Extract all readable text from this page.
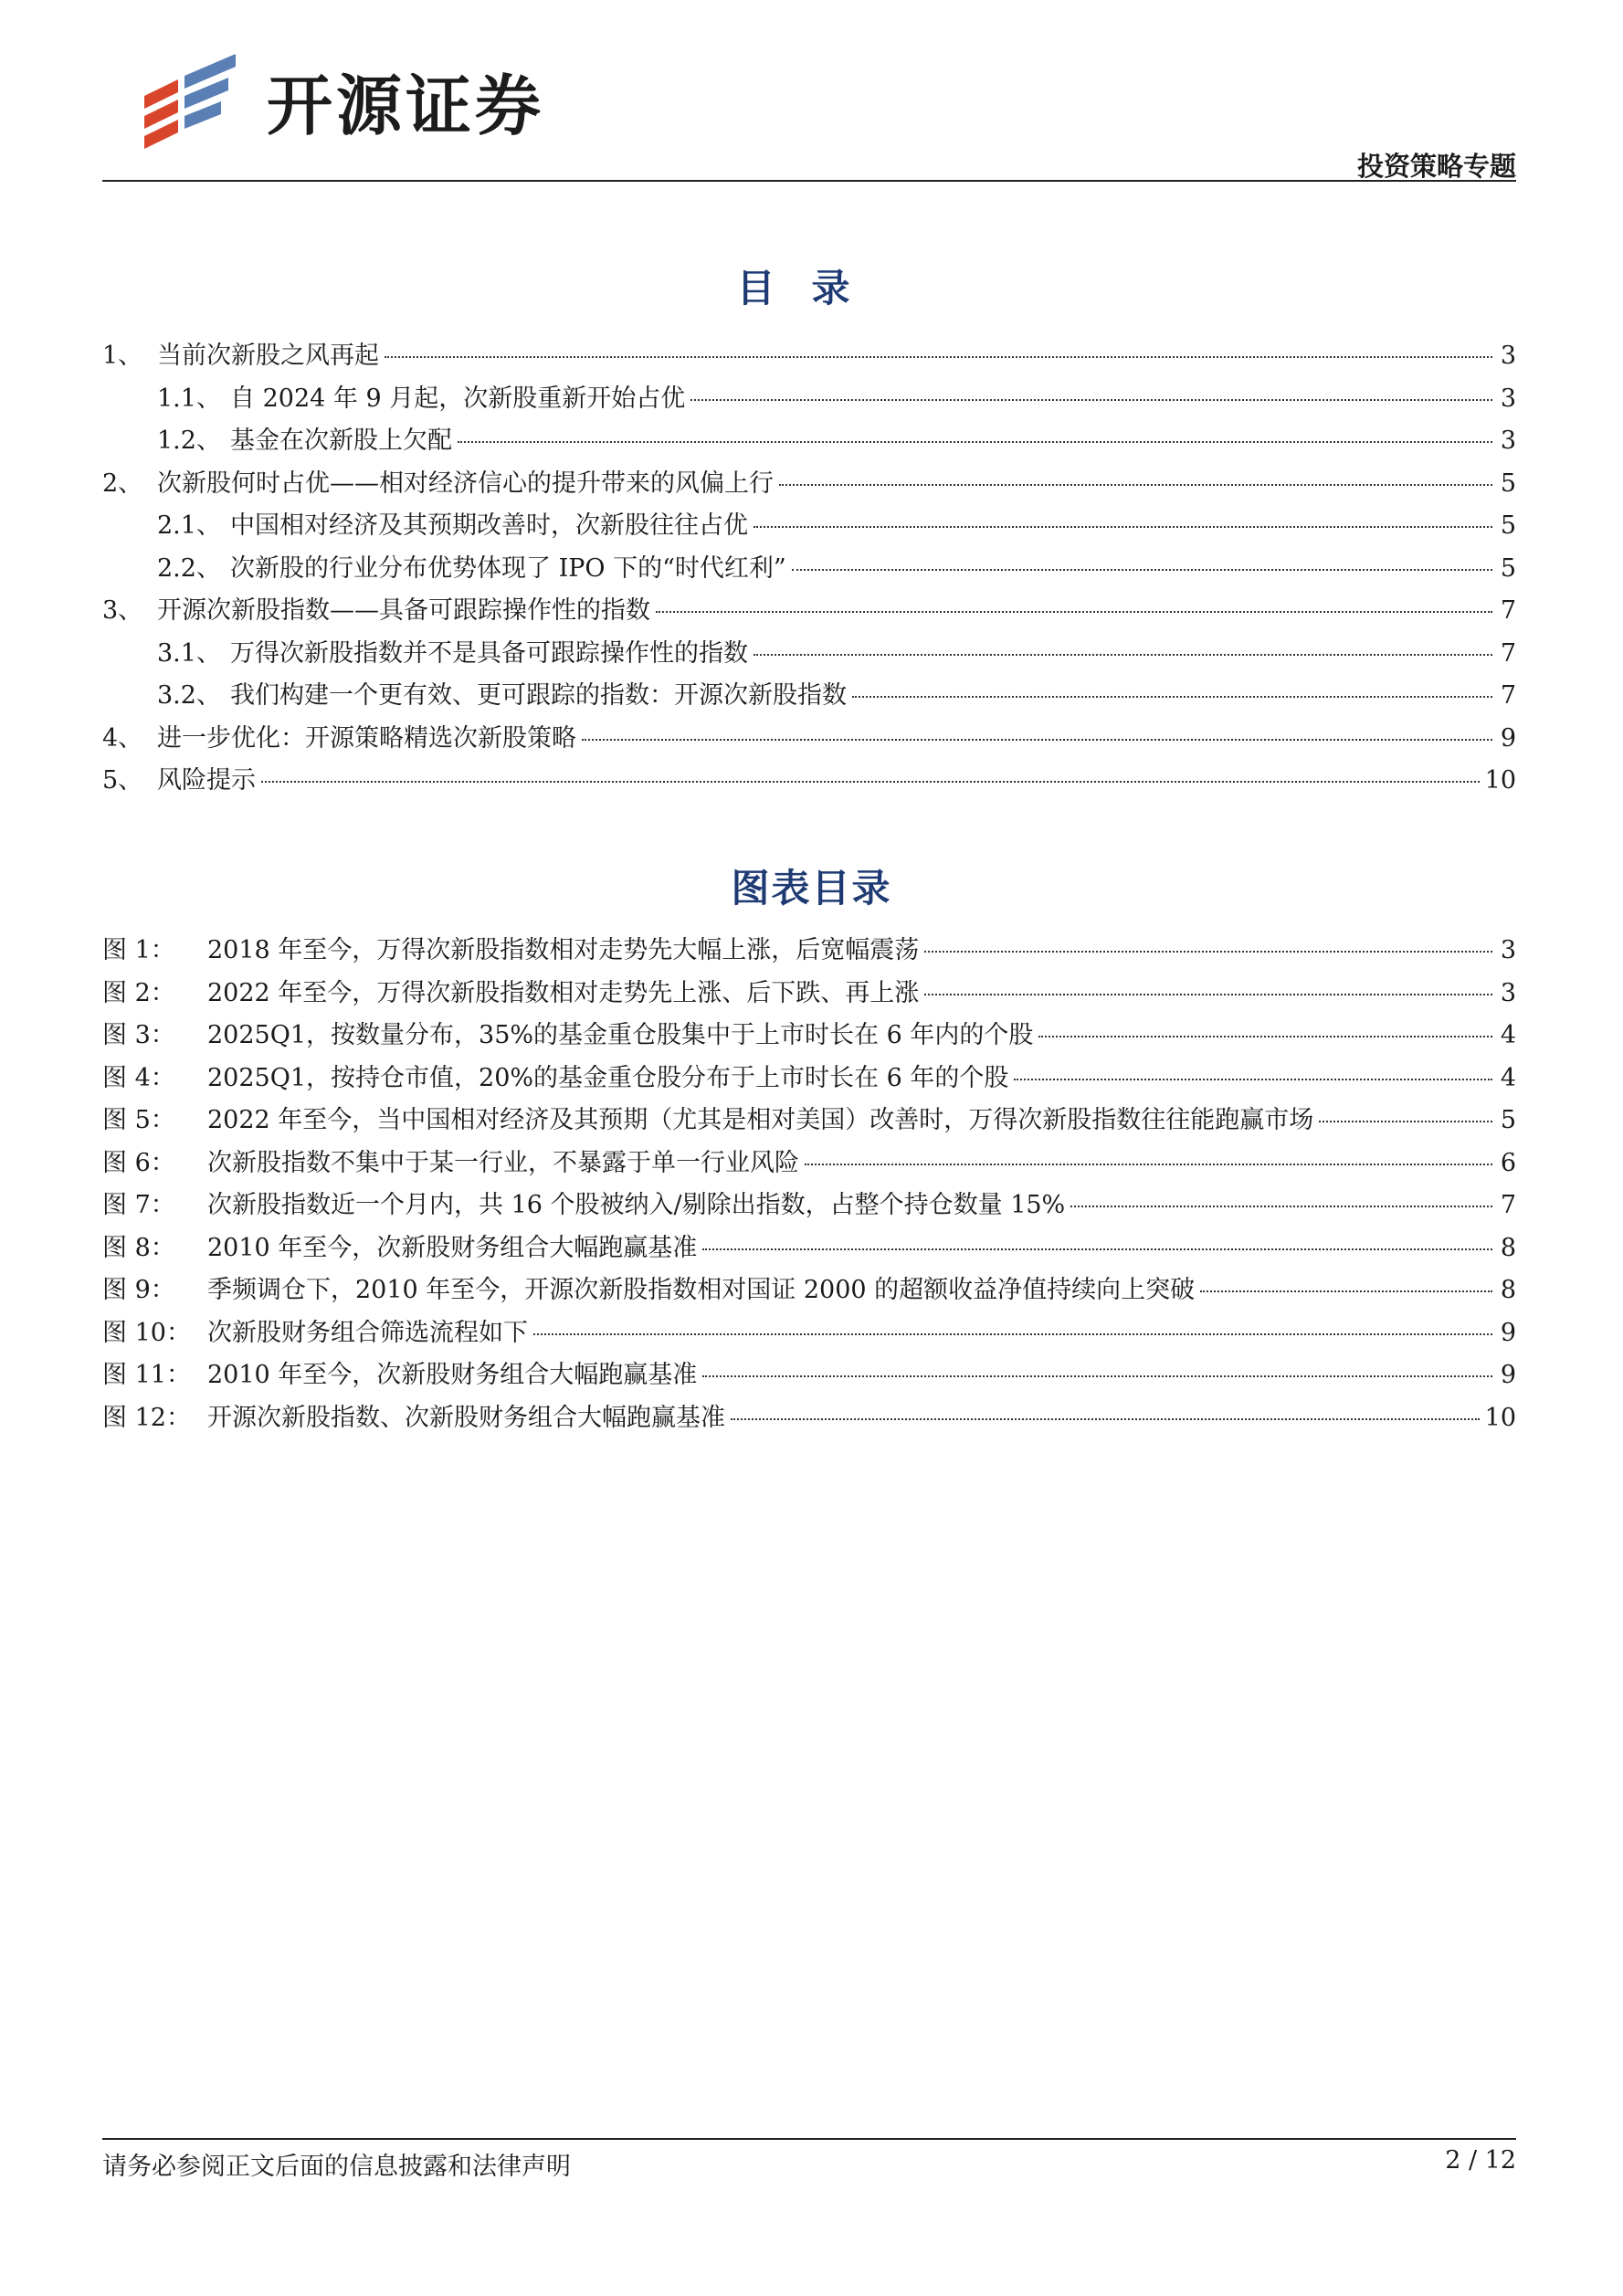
开源证券
投资策略专题
目录
1、 当前次新股之风再起	3
1.1、 自 2024 年 9 月起，次新股重新开始占优	3
1.2、 基金在次新股上欠配	3
2、 次新股何时占优——相对经济信心的提升带来的风偏上行	5
2.1、 中国相对经济及其预期改善时，次新股往往占优	5
2.2、 次新股的行业分布优势体现了 IPO 下的“时代红利”	5
3、 开源次新股指数——具备可跟踪操作性的指数	7
3.1、 万得次新股指数并不是具备可跟踪操作性的指数	7
3.2、 我们构建一个更有效、更可跟踪的指数：开源次新股指数	7
4、 进一步优化：开源策略精选次新股策略	9
5、 风险提示	10
图表目录
图 1：	2018 年至今，万得次新股指数相对走势先大幅上涨，后宽幅震荡	3
图 2：	2022 年至今，万得次新股指数相对走势先上涨、后下跌、再上涨	3
图 3：	2025Q1，按数量分布，35%的基金重仓股集中于上市时长在 6 年内的个股	4
图 4：	2025Q1，按持仓市值，20%的基金重仓股分布于上市时长在 6 年的个股	4
图 5：	2022 年至今，当中国相对经济及其预期（尤其是相对美国）改善时，万得次新股指数往往能跑赢市场	5
图 6：	次新股指数不集中于某一行业，不暴露于单一行业风险	6
图 7：	次新股指数近一个月内，共 16 个股被纳入/剔除出指数，占整个持仓数量 15%	7
图 8：	2010 年至今，次新股财务组合大幅跑赢基准	8
图 9：	季频调仓下，2010 年至今，开源次新股指数相对国证 2000 的超额收益净值持续向上突破	8
图 10： 次新股财务组合筛选流程如下	9
图 11： 2010 年至今，次新股财务组合大幅跑赢基准	9
图 12： 开源次新股指数、次新股财务组合大幅跑赢基准	10
请务必参阅正文后面的信息披露和法律声明	2 / 12
